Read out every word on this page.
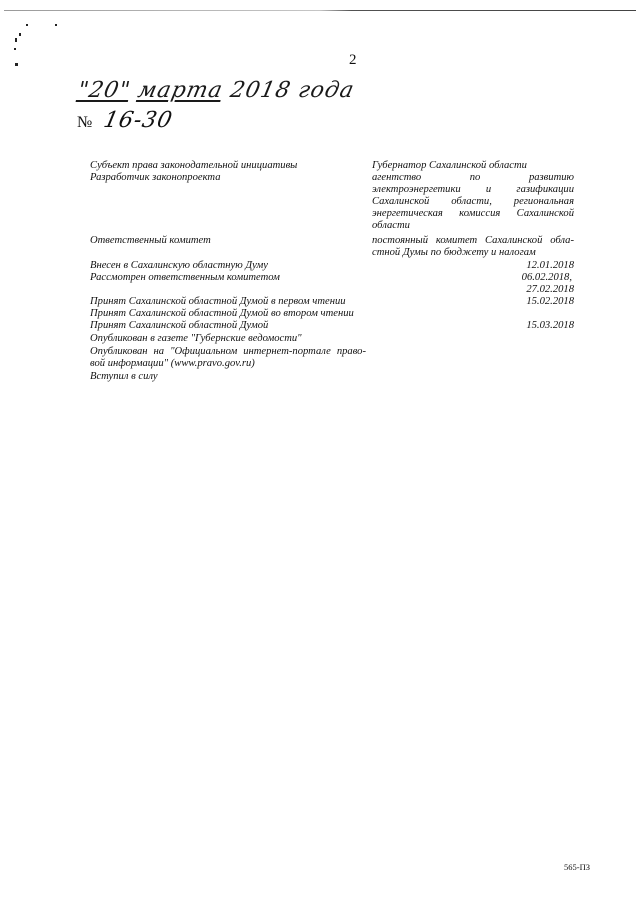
2
"20" марта 2018 года
№ 16-30
Субъект права законодательной инициативы
Разработчик законопроекта
Ответственный комитет
Внесен в Сахалинскую областную Думу
Рассмотрен ответственным комитетом
Принят Сахалинской областной Думой в первом чтении
Принят Сахалинской областной Думой во втором чтении
Принят Сахалинской областной Думой
Опубликован в газете "Губернские ведомости"
Опубликован на "Официальном интернет-портале право-
вой информации" (www.pravo.gov.ru)
Вступил в силу
Губернатор Сахалинской области
агентство по развитию
электроэнергетики и газификации
Сахалинской области, региональная
энергетическая комиссия Сахалинской
области
постоянный комитет Сахалинской обла-
стной Думы по бюджету и налогам
12.01.2018
06.02.2018,
27.02.2018
15.02.2018
15.03.2018
565-ПЗ
